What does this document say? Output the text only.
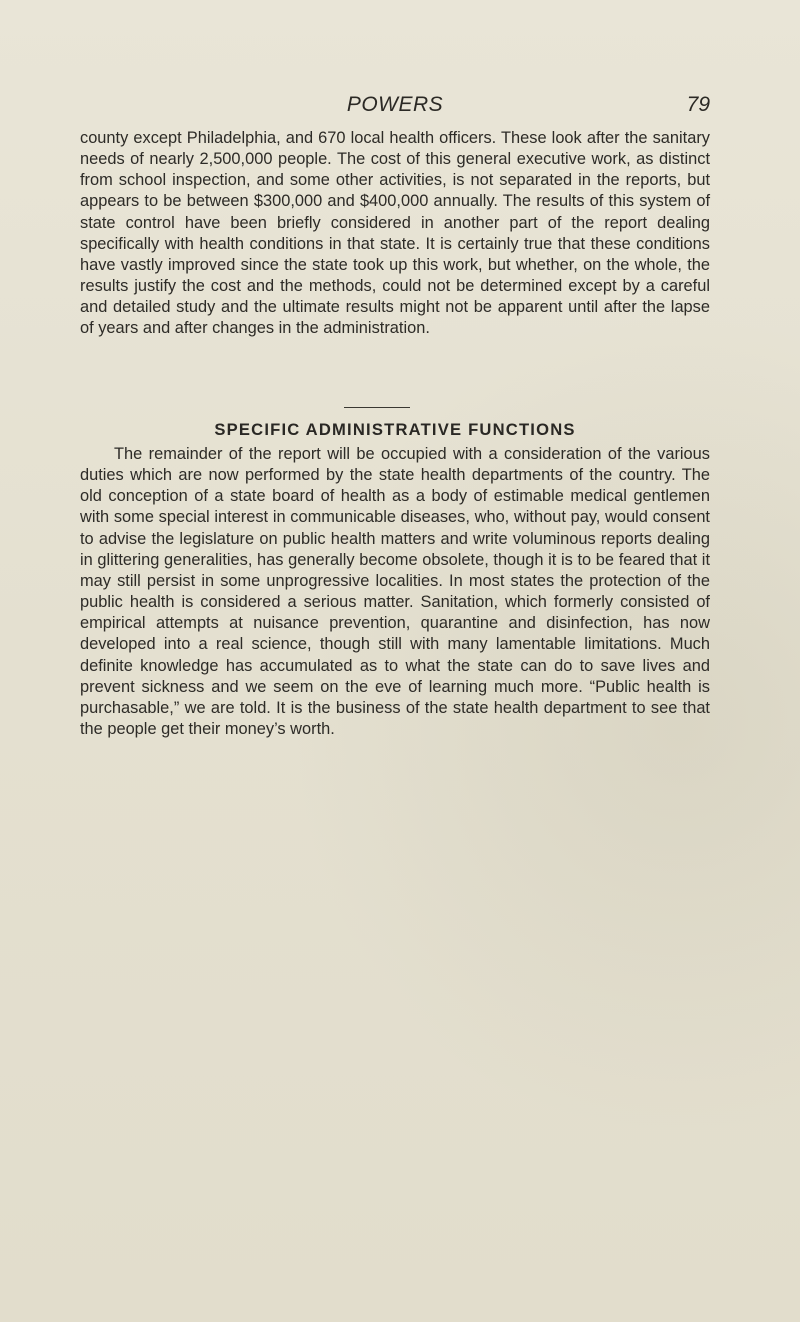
POWERS	79

county except Philadelphia, and 670 local health officers. These look after the sanitary needs of nearly 2,500,000 people. The cost of this general executive work, as distinct from school inspection, and some other activities, is not separated in the reports, but appears to be between $300,000 and $400,000 annually. The results of this system of state control have been briefly considered in another part of the report dealing specifically with health conditions in that state. It is certainly true that these conditions have vastly improved since the state took up this work, but whether, on the whole, the results justify the cost and the methods, could not be determined except by a careful and detailed study and the ultimate results might not be apparent until after the lapse of years and after changes in the administration.

SPECIFIC ADMINISTRATIVE FUNCTIONS

The remainder of the report will be occupied with a consideration of the various duties which are now performed by the state health departments of the country. The old conception of a state board of health as a body of estimable medical gentlemen with some special interest in communicable diseases, who, without pay, would consent to advise the legislature on public health matters and write voluminous reports dealing in glittering generalities, has generally become obsolete, though it is to be feared that it may still persist in some unprogressive localities. In most states the protection of the public health is considered a serious matter. Sanitation, which formerly consisted of empirical attempts at nuisance prevention, quarantine and disinfection, has now developed into a real science, though still with many lamentable limitations. Much definite knowledge has accumulated as to what the state can do to save lives and prevent sickness and we seem on the eve of learning much more. “Public health is purchasable,” we are told. It is the business of the state health department to see that the people get their money’s worth.
